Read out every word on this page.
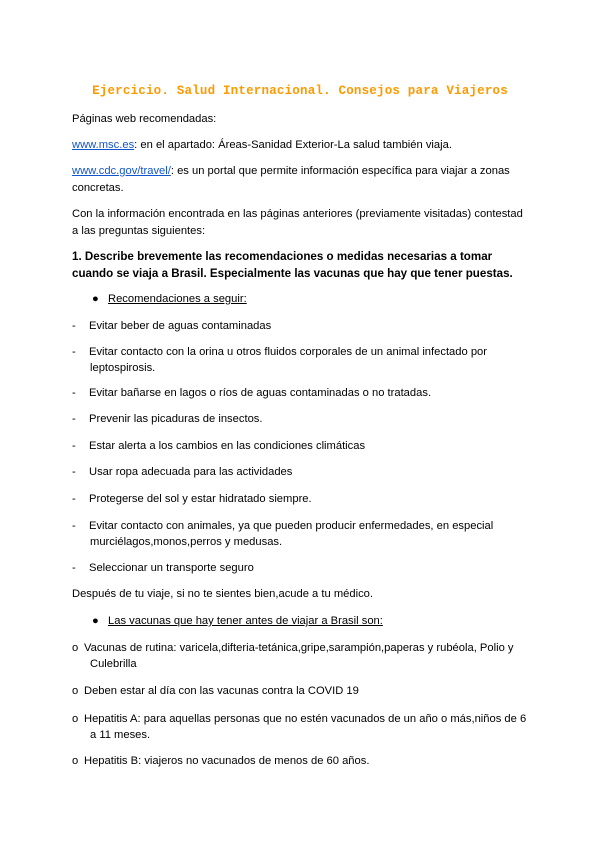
Ejercicio. Salud Internacional. Consejos para Viajeros
Páginas web recomendadas:
www.msc.es: en el apartado: Áreas-Sanidad Exterior-La salud también viaja.
www.cdc.gov/travel/: es un portal que permite información específica para viajar a zonas concretas.
Con la información encontrada en las páginas anteriores (previamente visitadas) contestad a las preguntas siguientes:
1. Describe brevemente las recomendaciones o medidas necesarias a tomar cuando se viaja a Brasil. Especialmente las vacunas que hay que tener puestas.
● Recomendaciones a seguir:
-	Evitar beber de aguas contaminadas
-	Evitar contacto con la orina u otros fluidos corporales de un animal infectado por
leptospirosis.
-	Evitar bañarse en lagos o ríos de aguas contaminadas o no tratadas.
-	Prevenir las picaduras de insectos.
-	Estar alerta a los cambios en las condiciones climáticas
-	Usar ropa adecuada para las actividades
-	Protegerse del sol y estar hidratado siempre.
-	Evitar contacto con animales, ya que pueden producir enfermedades, en especial
murciélagos,monos,perros y medusas.
-	Seleccionar un transporte seguro
Después de tu viaje, si no te sientes bien,acude a tu médico.
● Las vacunas que hay tener antes de viajar a Brasil son:
o Vacunas de rutina: varicela,difteria-tetánica,gripe,sarampión,paperas y rubéola, Polio y
Culebrilla
o Deben estar al día con las vacunas contra la COVID 19
o Hepatitis A: para aquellas personas que no estén vacunados de un año o más,niños de 6
a 11 meses.
o Hepatitis B: viajeros no vacunados de menos de 60 años.
